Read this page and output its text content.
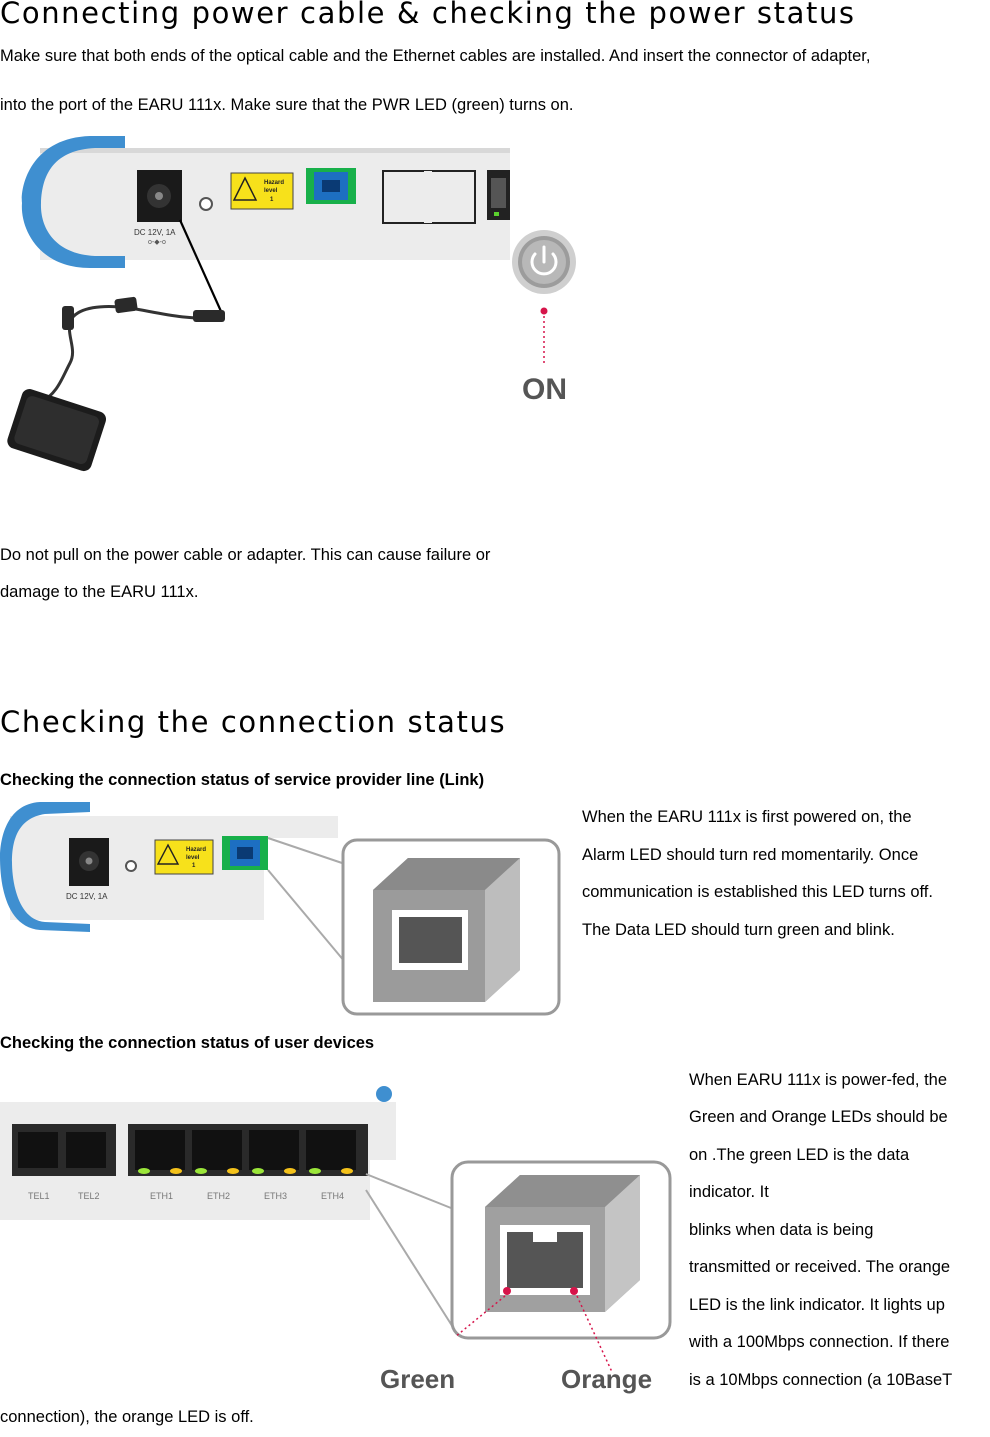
Connecting power cable & checking the power status
Make sure that both ends of the optical cable and the Ethernet cables are installed. And insert the connector of adapter,
into the port of the EARU 111x. Make sure that the PWR LED (green) turns on.
DC 12V, 1A
o-◆-o
Hazard
level
1
ON
Do not pull on the power cable or adapter. This can cause failure or
damage to the EARU 111x.
Checking the connection status
Checking the connection status of service provider line (Link)
DC 12V, 1A
Hazard
level
1
When the EARU 111x is first powered on, the
Alarm LED should turn red momentarily. Once
communication is established this LED turns off.
The Data LED should turn green and blink.
Checking the connection status of user devices
TEL1	TEL2	ETH1	ETH2	ETH3	ETH4
Green	Orange
When EARU 111x is power-fed, the
Green and Orange LEDs should be
on .The green LED is the data
indicator. It
blinks when data is being
transmitted or received. The orange
LED is the link indicator. It lights up
with a 100Mbps connection. If there
is a 10Mbps connection (a 10BaseT
connection), the orange LED is off.
